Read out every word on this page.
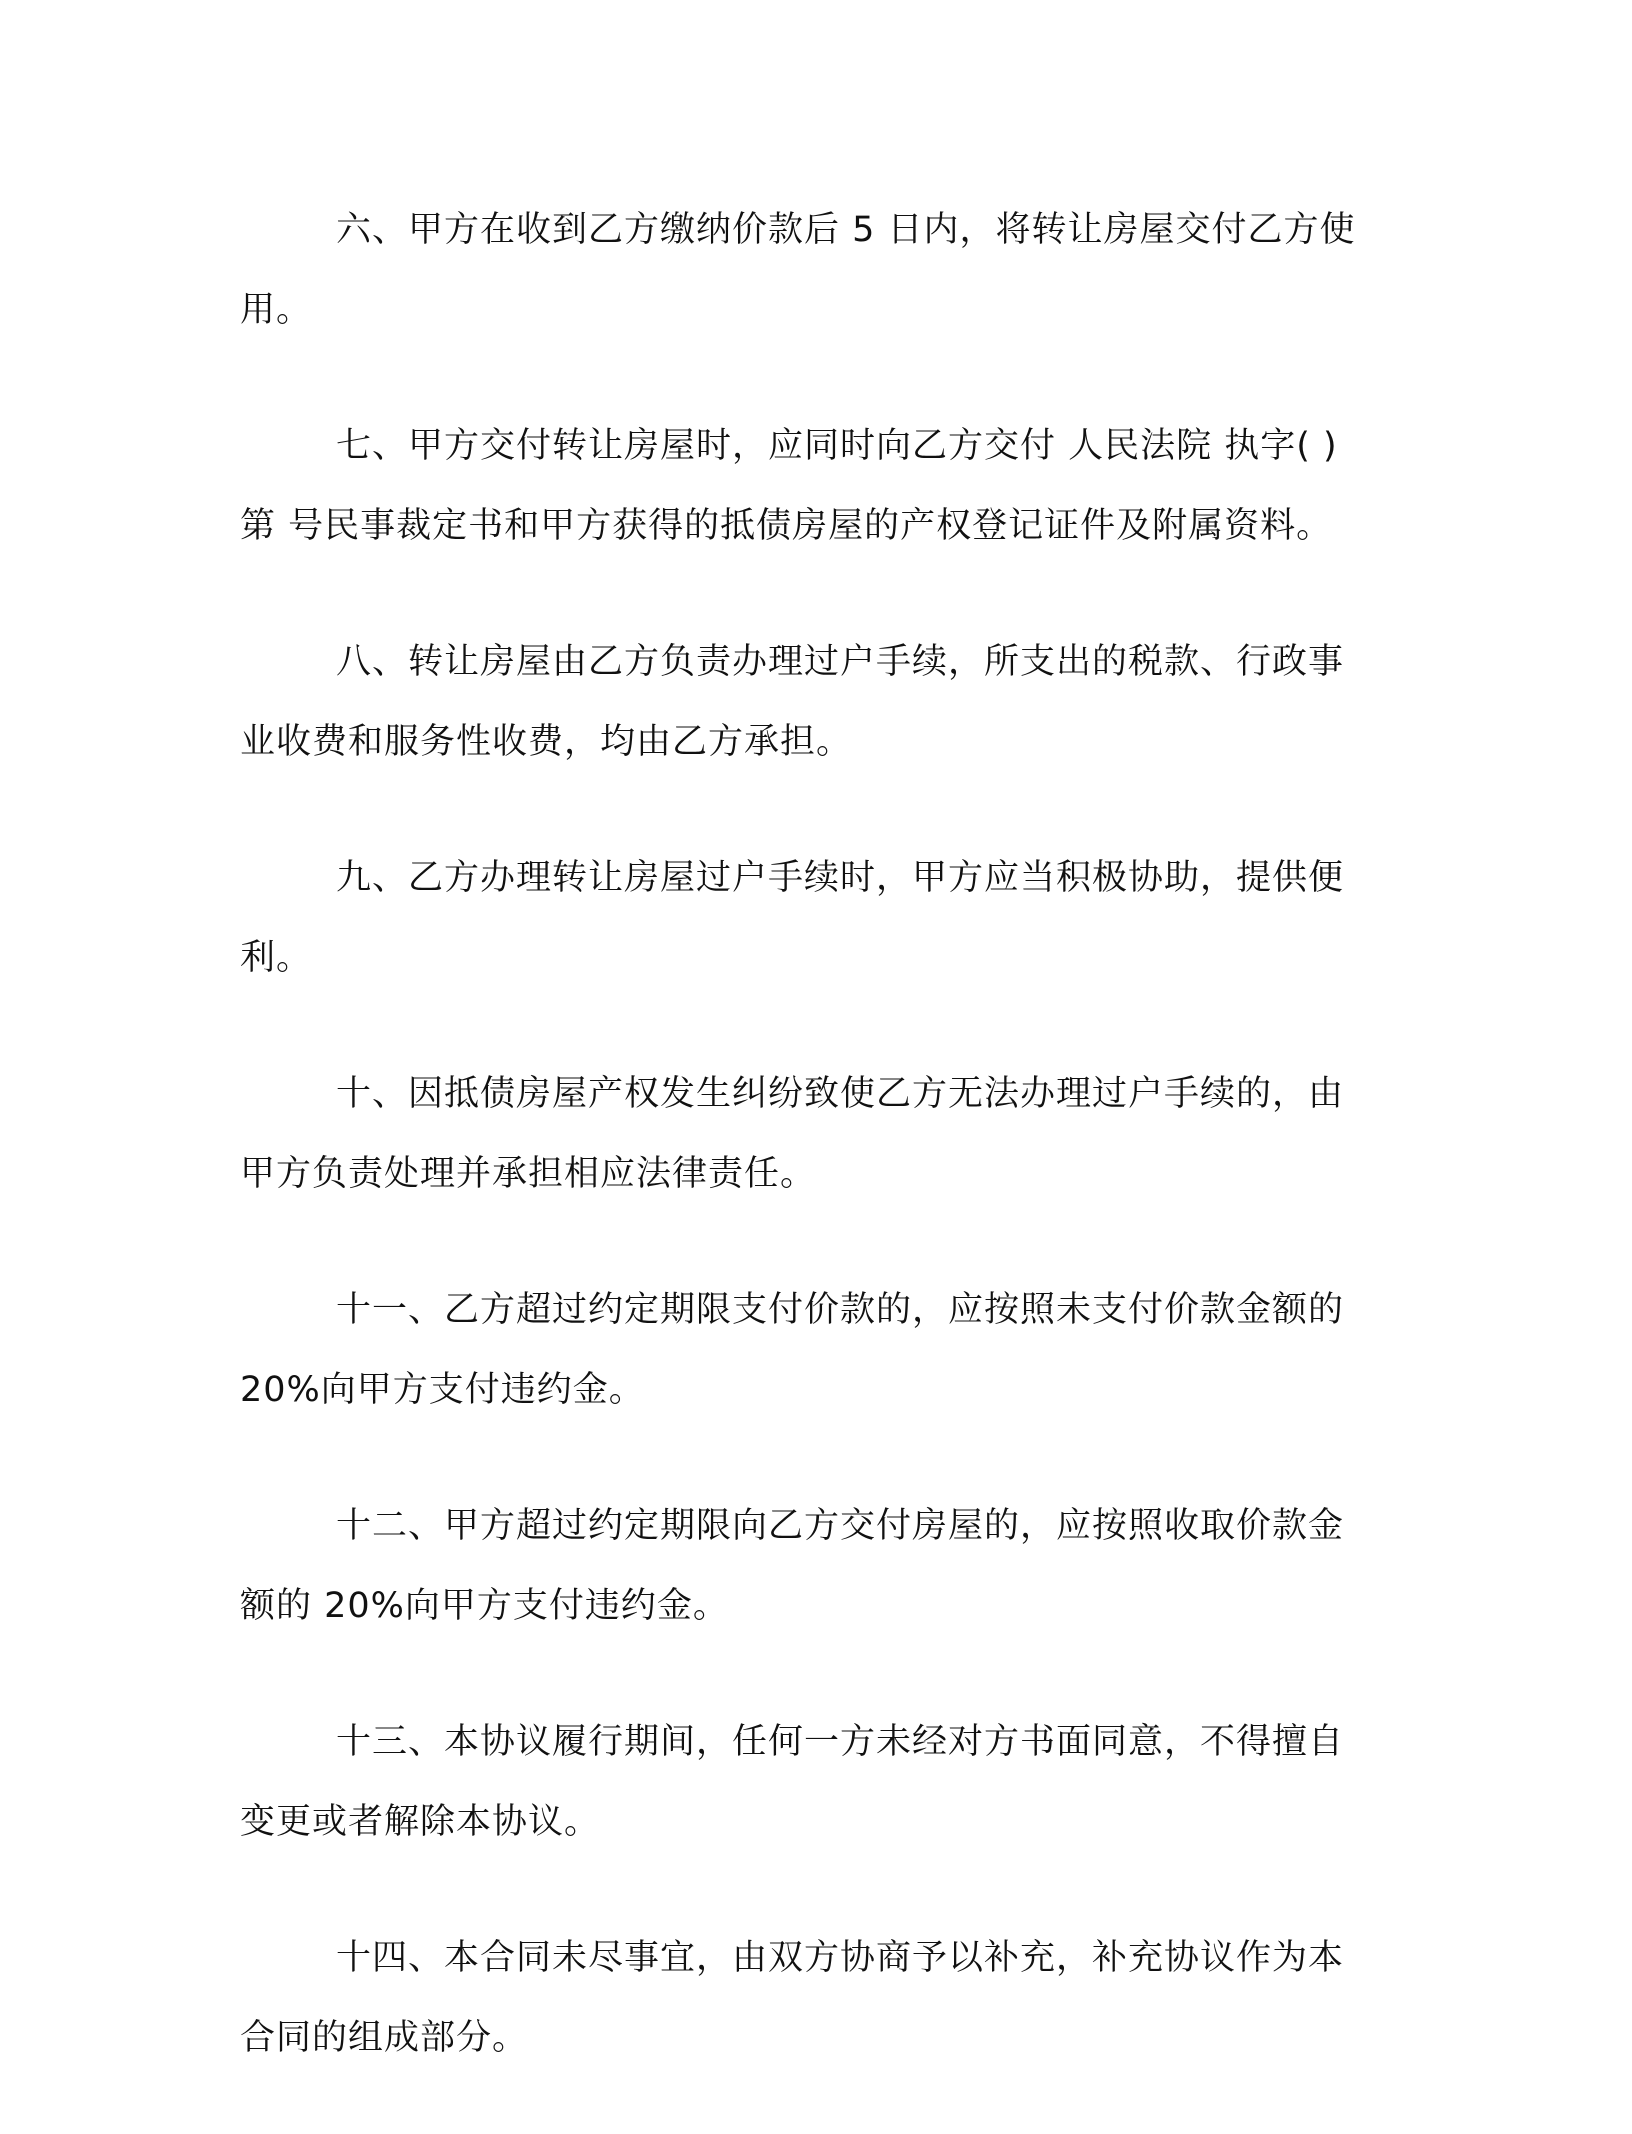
六、甲方在收到乙方缴纳价款后 5 日内，将转让房屋交付乙方使
用。
七、甲方交付转让房屋时，应同时向乙方交付 人民法院 执字( )
第 号民事裁定书和甲方获得的抵债房屋的产权登记证件及附属资料。
八、转让房屋由乙方负责办理过户手续，所支出的税款、行政事
业收费和服务性收费，均由乙方承担。
九、乙方办理转让房屋过户手续时，甲方应当积极协助，提供便
利。
十、因抵债房屋产权发生纠纷致使乙方无法办理过户手续的，由
甲方负责处理并承担相应法律责任。
十一、乙方超过约定期限支付价款的，应按照未支付价款金额的
20%向甲方支付违约金。
十二、甲方超过约定期限向乙方交付房屋的，应按照收取价款金
额的 20%向甲方支付违约金。
十三、本协议履行期间，任何一方未经对方书面同意，不得擅自
变更或者解除本协议。
十四、本合同未尽事宜，由双方协商予以补充，补充协议作为本
合同的组成部分。
